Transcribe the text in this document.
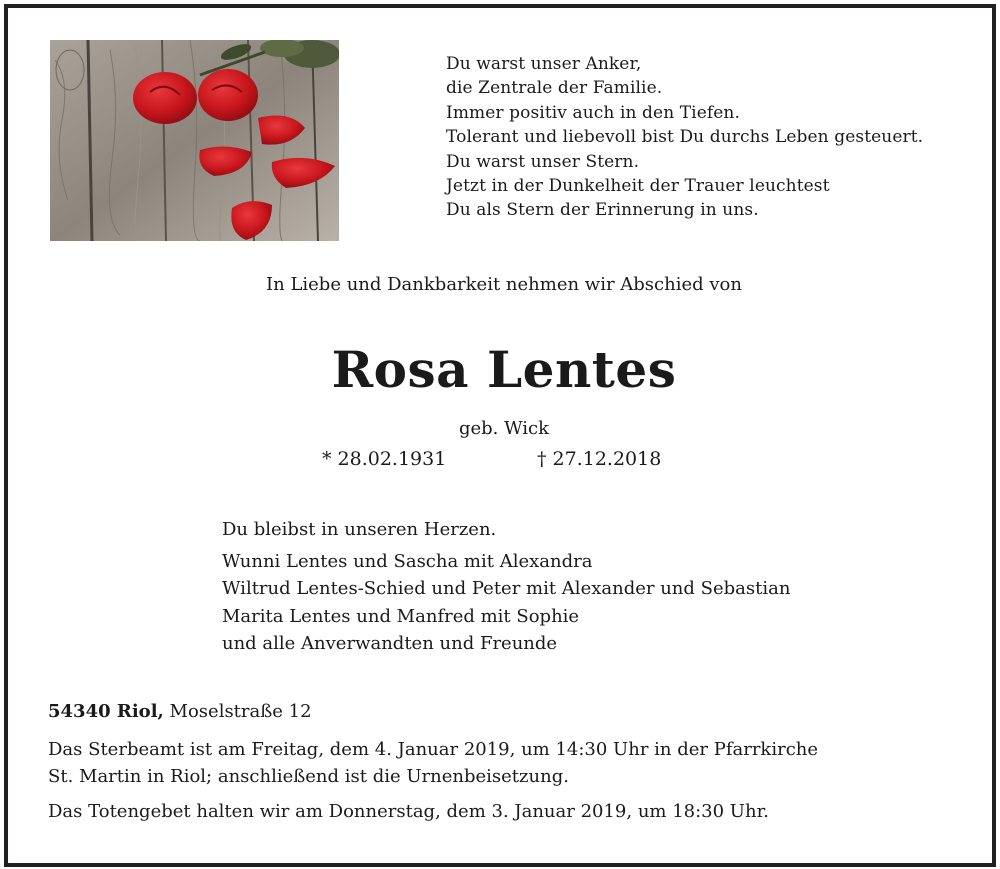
Du warst unser Anker,
die Zentrale der Familie.
Immer positiv auch in den Tiefen.
Tolerant und liebevoll bist Du durchs Leben gesteuert.
Du warst unser Stern.
Jetzt in der Dunkelheit der Trauer leuchtest
Du als Stern der Erinnerung in uns.
In Liebe und Dankbarkeit nehmen wir Abschied von
Rosa Lentes
geb. Wick
* 28.02.1931	† 27.12.2018
Du bleibst in unseren Herzen.
Wunni Lentes und Sascha mit Alexandra
Wiltrud Lentes-Schied und Peter mit Alexander und Sebastian
Marita Lentes und Manfred mit Sophie
und alle Anverwandten und Freunde
54340 Riol, Moselstraße 12
Das Sterbeamt ist am Freitag, dem 4. Januar 2019, um 14:30 Uhr in der Pfarrkirche
St. Martin in Riol; anschließend ist die Urnenbeisetzung.
Das Totengebet halten wir am Donnerstag, dem 3. Januar 2019, um 18:30 Uhr.
